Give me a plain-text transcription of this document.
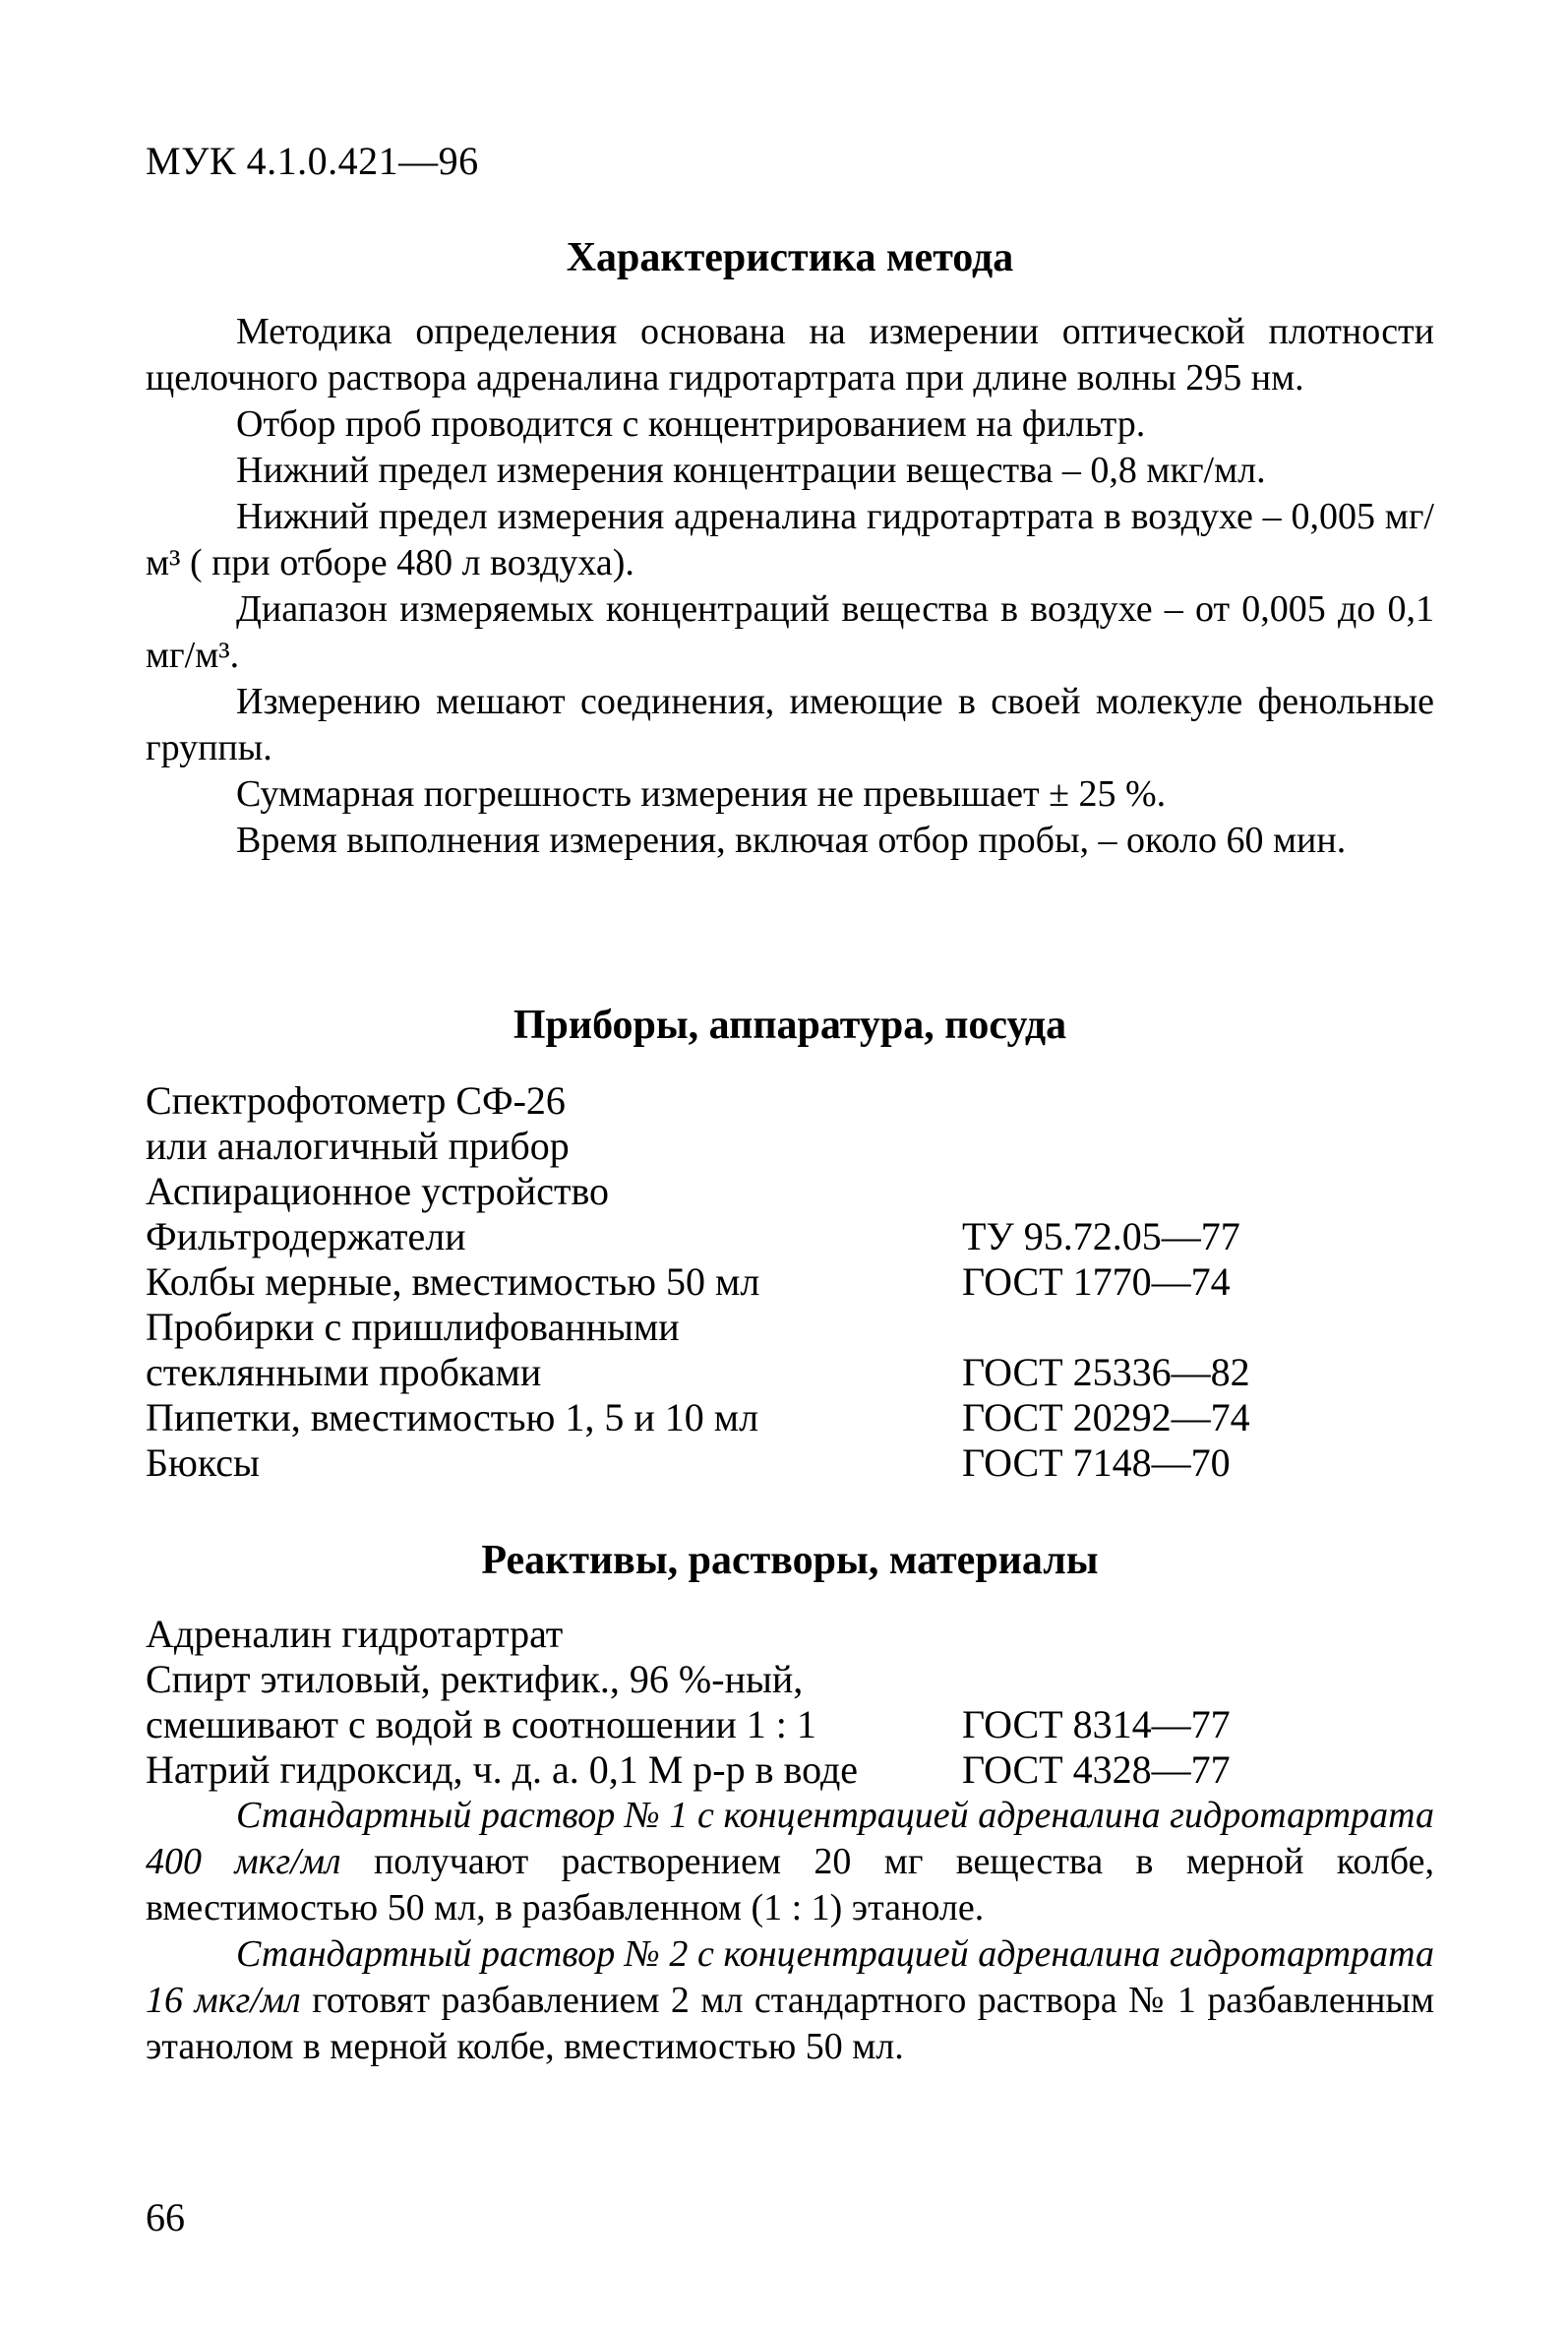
МУК 4.1.0.421—96
Характеристика метода

Методика определения основана на измерении оптической плотности щелочного раствора адреналина гидротартрата при длине волны 295 нм.

Отбор проб проводится с концентрированием на фильтр.

Нижний предел измерения концентрации вещества – 0,8 мкг/мл.

Нижний предел измерения адреналина гидротартрата в воздухе – 0,005 мг/м³ ( при отборе 480 л воздуха).

Диапазон измеряемых концентраций вещества в воздухе – от 0,005 до 0,1 мг/м³.

Измерению мешают соединения, имеющие в своей молекуле фенольные группы.

Суммарная погрешность измерения не превышает ± 25 %.

Время выполнения измерения, включая отбор пробы, – около 60 мин.

Приборы, аппаратура, посуда
Спектрофотометр СФ-26
или аналогичный прибор
Аспирационное устройство
Фильтродержатели	ТУ 95.72.05—77
Колбы мерные, вместимостью 50 мл	ГОСТ 1770—74
Пробирки с пришлифованными
стеклянными пробками	ГОСТ 25336—82
Пипетки, вместимостью 1, 5 и 10 мл	ГОСТ 20292—74
Бюксы	ГОСТ 7148—70
Реактивы, растворы, материалы
Адреналин гидротартрат
Спирт этиловый, ректифик., 96 %-ный,
смешивают с водой в соотношении 1 : 1	ГОСТ 8314—77
Натрий гидроксид, ч. д. а. 0,1 М р-р в воде	ГОСТ 4328—77

Стандартный раствор № 1 с концентрацией адреналина гидротартрата 400 мкг/мл получают растворением 20 мг вещества в мерной колбе, вместимостью 50 мл, в разбавленном (1 : 1) этаноле.

Стандартный раствор № 2 с концентрацией адреналина гидротартрата 16 мкг/мл готовят разбавлением 2 мл стандартного раствора № 1 разбавленным этанолом в мерной колбе, вместимостью 50 мл.

66
